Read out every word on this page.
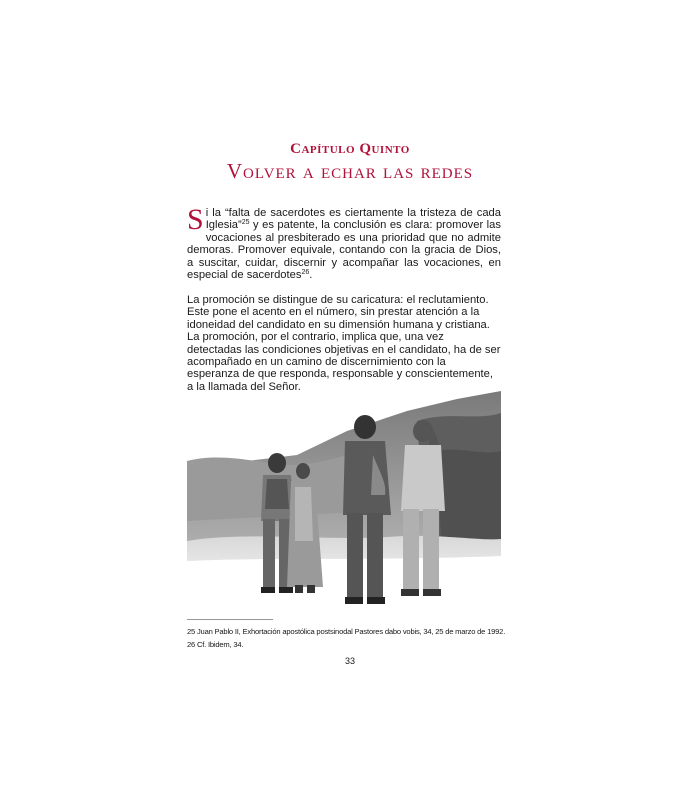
Capítulo Quinto
Volver a echar las redes

Si la “falta de sacerdotes es ciertamente la tristeza de cada Iglesia”$^{25}$ y es patente, la conclusión es clara: promover las vocaciones al presbiterado es una prioridad que no admite demoras. Promover equivale, contando con la gracia de Dios, a suscitar, cuidar, discernir y acompañar las vocaciones, en especial de sacerdotes$^{26}$.

La promoción se distingue de su caricatura: el reclutamiento. Este pone el acento en el número, sin prestar atención a la idoneidad del candidato en su dimensión humana y cristiana. La promoción, por el contrario, implica que, una vez detectadas las condiciones objetivas en el candidato, ha de ser acompañado en un camino de discernimiento con la esperanza de que responda, responsable y conscientemente, a la llamada del Señor.

25 Juan Pablo II, Exhortación apostólica postsinodal Pastores dabo vobis, 34, 25 de marzo de 1992.
26 Cf. Ibidem, 34.
33
